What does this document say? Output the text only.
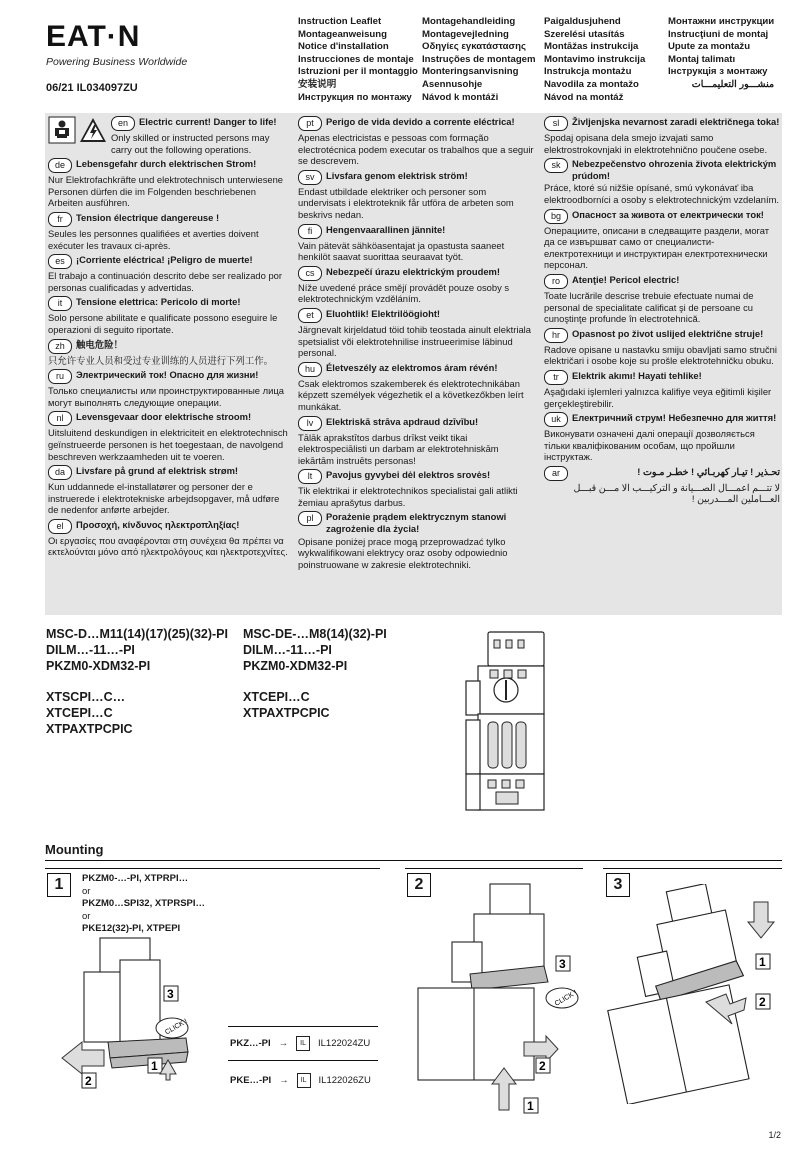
EAT·N
Powering Business Worldwide
06/21 IL034097ZU
Instruction Leaflet
Montageanweisung
Notice d'installation
Instrucciones de montaje
Istruzioni per il montaggio
安装说明
Инструкция по монтажу
Montagehandleiding
Montagevejledning
Οδηγίες εγκατάστασης
Instruções de montagem
Monteringsanvisning
Asennusohje
Návod k montáži
Paigaldusjuhend
Szerelési utasítás
Montāžas instrukcija
Montavimo instrukcija
Instrukcja montażu
Navodila za montažo
Návod na montáž
Монтажни инструкции
Instrucţiuni de montaj
Upute za montažu
Montaj talimatı
Інструкція з монтажу
منشـــور التعليمـــات
en	Electric current! Danger to life!
Only skilled or instructed persons may carry out the following operations.
de	Lebensgefahr durch elektrischen Strom!
Nur Elektrofachkräfte und elektrotechnisch unterwiesene Personen dürfen die im Folgenden beschriebenen Arbeiten ausführen.
fr	Tension électrique dangereuse !
Seules les personnes qualifiées et averties doivent exécuter les travaux ci-après.
es	¡Corriente eléctrica! ¡Peligro de muerte!
El trabajo a continuación descrito debe ser realizado por personas cualificadas y advertidas.
it	Tensione elettrica: Pericolo di morte!
Solo persone abilitate e qualificate possono eseguire le operazioni di seguito riportate.
zh	触电危险！
只允许专业人员和受过专业训练的人员进行下列工作。
ru	Электрический ток! Опасно для жизни!
Только специалисты или проинструктированные лица могут выполнять следующие операции.
nl	Levensgevaar door elektrische stroom!
Uitsluitend deskundigen in elektriciteit en elektrotechnisch geïnstrueerde personen is het toegestaan, de navolgend beschreven werkzaamheden uit te voeren.
da	Livsfare på grund af elektrisk strøm!
Kun uddannede el-installatører og personer der e instruerede i elektrotekniske arbejdsopgaver, må udføre de nedenfor anførte arbejder.
el	Προσοχή, κίνδυνος ηλεκτροπληξίας!
Οι εργασίες που αναφέρονται στη συνέχεια θα πρέπει να εκτελούνται μόνο από ηλεκτρολόγους και ηλεκτροτεχνίτες.
pt	Perigo de vida devido a corrente eléctrica!
Apenas electricistas e pessoas com formação electrotécnica podem executar os trabalhos que a seguir se descrevem.
sv	Livsfara genom elektrisk ström!
Endast utbildade elektriker och personer som undervisats i elektroteknik får utföra de arbeten som beskrivs nedan.
fi	Hengenvaarallinen jännite!
Vain pätevät sähköasentajat ja opastusta saaneet henkilöt saavat suorittaa seuraavat työt.
cs	Nebezpečí úrazu elektrickým proudem!
Níže uvedené práce smějí provádět pouze osoby s elektrotechnickým vzděláním.
et	Eluohtlik! Elektrilöögioht!
Järgnevalt kirjeldatud töid tohib teostada ainult elektriala spetsialist või elektrotehnilise instrueerimise läbinud personal.
hu	Életveszély az elektromos áram révén!
Csak elektromos szakemberek és elektrotechnikában képzett személyek végezhetik el a következőkben leírt munkákat.
lv	Elektriskā strāva apdraud dzīvību!
Tālāk aprakstītos darbus drīkst veikt tikai elektrospeciālisti un darbam ar elektrotehniskām iekārtām instruēts personas!
lt	Pavojus gyvybei dėl elektros srovės!
Tik elektrikai ir elektrotechnikos specialistai gali atlikti žemiau aprašytus darbus.
pl	Porażenie prądem elektrycznym stanowi zagrożenie dla życia!
Opisane poniżej prace mogą przeprowadzać tylko wykwalifikowani elektrycy oraz osoby odpowiednio poinstruowane w zakresie elektrotechniki.
sl	Življenjska nevarnost zaradi električnega toka!
Spodaj opisana dela smejo izvajati samo elektrostrokovnjaki in elektrotehnično poučene osebe.
sk	Nebezpečenstvo ohrozenia života elektrickým prúdom!
Práce, ktoré sú nižšie opísané, smú vykonávať iba elektroodborníci a osoby s elektrotechnickým vzdelaním.
bg	Опасност за живота от електрически ток!
Операциите, описани в следващите раздели, могат да се извършват само от специалисти-електротехници и инструктиран електротехнически персонал.
ro	Atenţie! Pericol electric!
Toate lucrările descrise trebuie efectuate numai de personal de specialitate calificat şi de persoane cu cunoştinţe profunde în electrotehnică.
hr	Opasnost po život uslijed električne struje!
Radove opisane u nastavku smiju obavljati samo stručni električari i osobe koje su prošle elektrotehničku obuku.
tr	Elektrik akımı! Hayati tehlike!
Aşağıdaki işlemleri yalnızca kalifiye veya eğitimli kişiler gerçekleştirebilir.
uk	Електричний струм! Небезпечно для життя!
Виконувати означені далі операції дозволяється тільки кваліфікованим особам, що пройшли інструктаж.
ar	تحـذير ! تيـار كهربـائي ! خطـر مـوت !
لا تتـــم اعمـــال الصـــيانة و التركيـــب الا مـــن قبـــل العـــاملين المـــدربين !
MSC-D…M11(14)(17)(25)(32)-PI
DILM…-11…-PI
PKZM0-XDM32-PI
XTSCPI…C…
XTCEPI…C
XTPAXTPCPIC
MSC-DE-…M8(14)(32)-PI
DILM…-11…-PI
PKZM0-XDM32-PI
XTCEPI…C
XTPAXTPCPIC
Mounting
1	2	3
PKZM0-…-PI, XTPRPI…
or
PKZM0…SPI32, XTPRSPI…
or
PKE12(32)-PI, XTPEPI
CLICK !
3
2
1
PKZ…-PI →	IL	IL122024ZU
PKE…-PI →	IL	IL122026ZU
CLICK !
3
2
1
1
2
1/2
